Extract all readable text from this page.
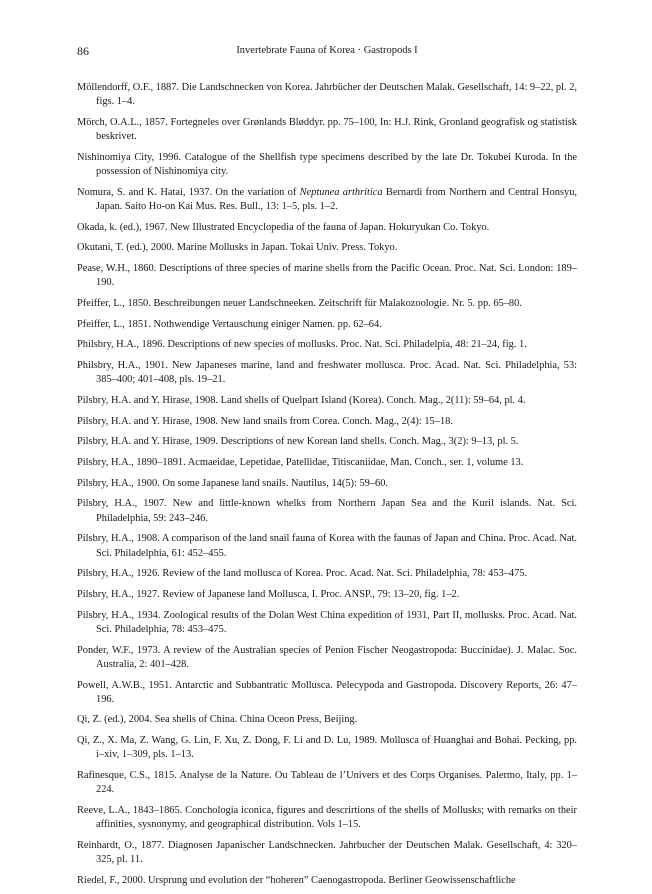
86	Invertebrate Fauna of Korea · Gastropods I
Möllendorff, O.F., 1887. Die Landschnecken von Korea. Jahrbücher der Deutschen Malak. Gesellschaft, 14: 9–22, pl. 2, figs. 1–4.
Mörch, O.A.L., 1857. Fortegneles over Grønlands Bløddyr. pp. 75–100, In: H.J. Rink, Gronland geografisk og statistisk beskrivet.
Nishinomiya City, 1996. Catalogue of the Shellfish type specimens described by the late Dr. Tokubei Kuroda. In the possession of Nishinomiya city.
Nomura, S. and K. Hatai, 1937. On the variation of Neptunea arthritica Bernardi from Northern and Central Honsyu, Japan. Saito Ho-on Kai Mus. Res. Bull., 13: 1–5, pls. 1–2.
Okada, k. (ed.), 1967. New Illustrated Encyclopedia of the fauna of Japan. Hokuryukan Co. Tokyo.
Okutani, T. (ed.), 2000. Marine Mollusks in Japan. Tokai Univ. Press. Tokyo.
Pease, W.H., 1860. Descriptions of three species of marine shells from the Pacific Ocean. Proc. Nat. Sci. London: 189–190.
Pfeiffer, L., 1850. Beschreibungen neuer Landschneeken. Zeitschrift für Malakozoologie. Nr. 5. pp. 65–80.
Pfeiffer, L., 1851. Nothwendige Vertauschung einiger Namen. pp. 62–64.
Philsbry, H.A., 1896. Descriptions of new species of mollusks. Proc. Nat. Sci. Philadelpia, 48: 21–24, fig. 1.
Philsbry, H.A., 1901. New Japaneses marine, land and freshwater mollusca. Proc. Acad. Nat. Sci. Philadelphia, 53: 385–400; 401–408, pls. 19–21.
Pilsbry, H.A. and Y. Hirase, 1908. Land shells of Quelpart Island (Korea). Conch. Mag., 2(11): 59–64, pl. 4.
Pilsbry, H.A. and Y. Hirase, 1908. New land snails from Corea. Conch. Mag., 2(4): 15–18.
Pilsbry, H.A. and Y. Hirase, 1909. Descriptions of new Korean land shells. Conch. Mag., 3(2): 9–13, pl. 5.
Pilsbry, H.A., 1890–1891. Acmaeidae, Lepetidae, Patellidae, Titiscaniidae, Man. Conch., ser. 1, volume 13.
Pilsbry, H.A., 1900. On some Japanese land snails. Nautilus, 14(5): 59–60.
Pilsbry, H.A., 1907. New and little-known whelks from Northern Japan Sea and the Kuril islands. Nat. Sci. Philadelphia, 59: 243–246.
Pilsbry, H.A., 1908. A comparison of the land snail fauna of Korea with the faunas of Japan and China. Proc. Acad. Nat. Sci. Philadelphia, 61: 452–455.
Pilsbry, H.A., 1926. Review of the land mollusca of Korea. Proc. Acad. Nat. Sci. Philadelphia, 78: 453–475.
Pilsbry, H.A., 1927. Review of Japanese land Mollusca, I. Proc. ANSP., 79: 13–20, fig. 1–2.
Pilsbry, H.A., 1934. Zoological results of the Dolan West China expedition of 1931, Part II, mollusks. Proc. Acad. Nat. Sci. Philadelphia, 78: 453–475.
Ponder, W.F., 1973. A review of the Australian species of Penion Fischer Neogastropoda: Buccinidae). J. Malac. Soc. Australia, 2: 401–428.
Powell, A.W.B., 1951. Antarctic and Subbantratic Mollusca. Pelecypoda and Gastropoda. Discovery Reports, 26: 47–196.
Qi, Z. (ed.), 2004. Sea shells of China. China Oceon Press, Beijing.
Qi, Z., X. Ma, Z. Wang, G. Lin, F. Xu, Z. Dong, F. Li and D. Lu, 1989. Mollusca of Huanghai and Bohai. Pecking, pp. i–xiv, 1–309, pls. 1–13.
Rafinesque, C.S., 1815. Analyse de la Nature. Ou Tableau de l’Univers et des Corps Organises. Palermo, Italy, pp. 1–224.
Reeve, L.A., 1843–1865. Conchologia iconica, figures and descrirtions of the shells of Mollusks; with remarks on their affinities, sysnonymy, and geographical distribution. Vols 1–15.
Reinhardt, O., 1877. Diagnosen Japanischer Landschnecken. Jahrbucher der Deutschen Malak. Gesellschaft, 4: 320–325, pl. 11.
Riedel, F., 2000. Ursprung und evolution der “hoheren” Caenogastropoda. Berliner Geowissenschaftliche
